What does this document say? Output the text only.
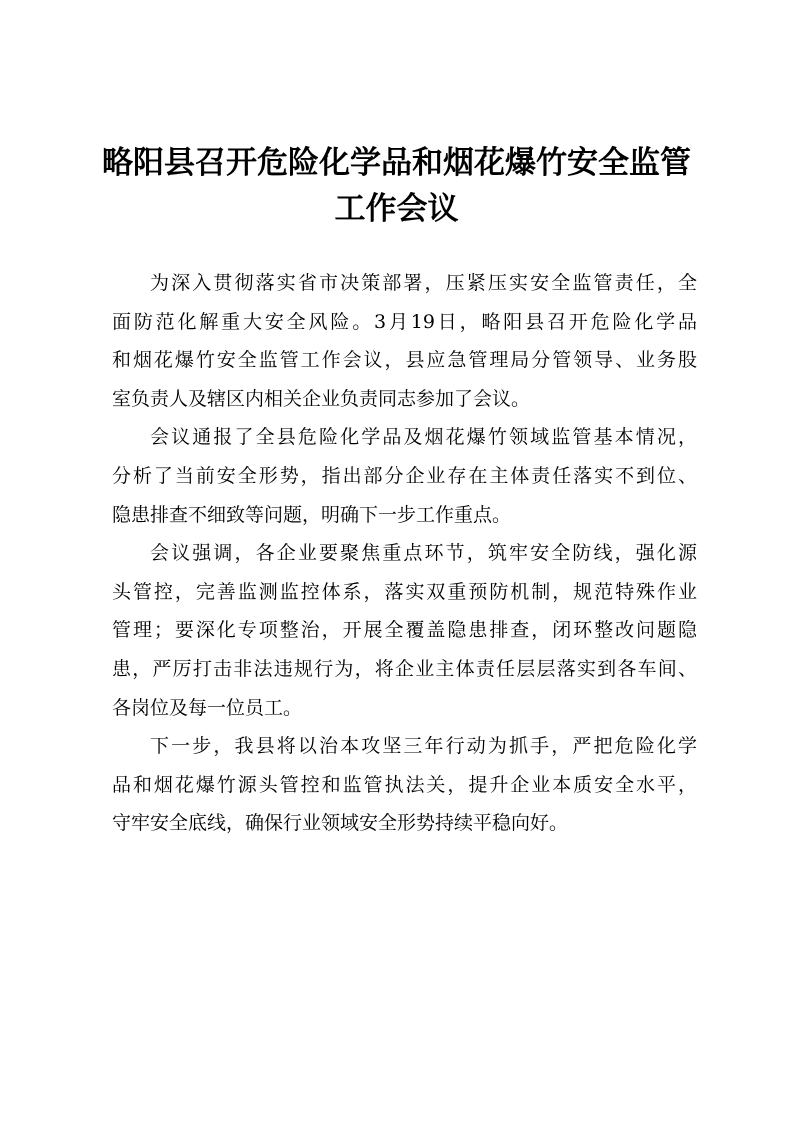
略阳县召开危险化学品和烟花爆竹安全监管
工作会议
为深入贯彻落实省市决策部署，压紧压实安全监管责任，全
面防范化解重大安全风险。3月19日，略阳县召开危险化学品
和烟花爆竹安全监管工作会议，县应急管理局分管领导、业务股
室负责人及辖区内相关企业负责同志参加了会议。
会议通报了全县危险化学品及烟花爆竹领域监管基本情况，
分析了当前安全形势，指出部分企业存在主体责任落实不到位、
隐患排查不细致等问题，明确下一步工作重点。
会议强调，各企业要聚焦重点环节，筑牢安全防线，强化源
头管控，完善监测监控体系，落实双重预防机制，规范特殊作业
管理；要深化专项整治，开展全覆盖隐患排查，闭环整改问题隐
患，严厉打击非法违规行为，将企业主体责任层层落实到各车间、
各岗位及每一位员工。
下一步，我县将以治本攻坚三年行动为抓手，严把危险化学
品和烟花爆竹源头管控和监管执法关，提升企业本质安全水平，
守牢安全底线，确保行业领域安全形势持续平稳向好。
